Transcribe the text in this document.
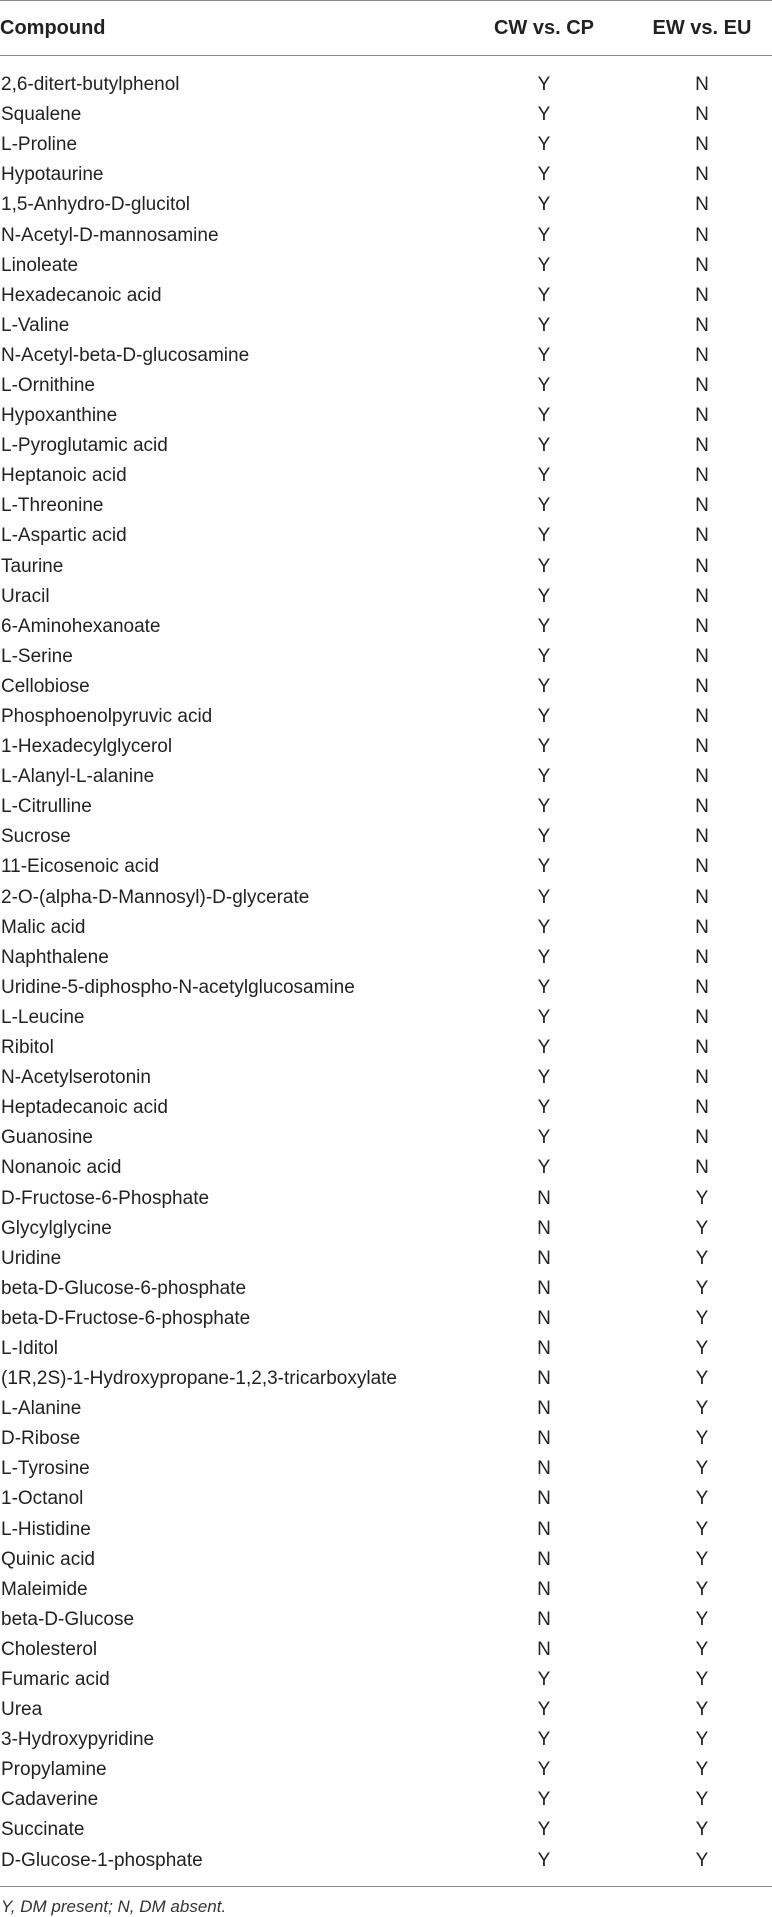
Compound	CW vs. CP	EW vs. EU
2,6-ditert-butylphenol	Y	N
Squalene	Y	N
L-Proline	Y	N
Hypotaurine	Y	N
1,5-Anhydro-D-glucitol	Y	N
N-Acetyl-D-mannosamine	Y	N
Linoleate	Y	N
Hexadecanoic acid	Y	N
L-Valine	Y	N
N-Acetyl-beta-D-glucosamine	Y	N
L-Ornithine	Y	N
Hypoxanthine	Y	N
L-Pyroglutamic acid	Y	N
Heptanoic acid	Y	N
L-Threonine	Y	N
L-Aspartic acid	Y	N
Taurine	Y	N
Uracil	Y	N
6-Aminohexanoate	Y	N
L-Serine	Y	N
Cellobiose	Y	N
Phosphoenolpyruvic acid	Y	N
1-Hexadecylglycerol	Y	N
L-Alanyl-L-alanine	Y	N
L-Citrulline	Y	N
Sucrose	Y	N
11-Eicosenoic acid	Y	N
2-O-(alpha-D-Mannosyl)-D-glycerate	Y	N
Malic acid	Y	N
Naphthalene	Y	N
Uridine-5-diphospho-N-acetylglucosamine	Y	N
L-Leucine	Y	N
Ribitol	Y	N
N-Acetylserotonin	Y	N
Heptadecanoic acid	Y	N
Guanosine	Y	N
Nonanoic acid	Y	N
D-Fructose-6-Phosphate	N	Y
Glycylglycine	N	Y
Uridine	N	Y
beta-D-Glucose-6-phosphate	N	Y
beta-D-Fructose-6-phosphate	N	Y
L-Iditol	N	Y
(1R,2S)-1-Hydroxypropane-1,2,3-tricarboxylate	N	Y
L-Alanine	N	Y
D-Ribose	N	Y
L-Tyrosine	N	Y
1-Octanol	N	Y
L-Histidine	N	Y
Quinic acid	N	Y
Maleimide	N	Y
beta-D-Glucose	N	Y
Cholesterol	N	Y
Fumaric acid	Y	Y
Urea	Y	Y
3-Hydroxypyridine	Y	Y
Propylamine	Y	Y
Cadaverine	Y	Y
Succinate	Y	Y
D-Glucose-1-phosphate	Y	Y
Y, DM present; N, DM absent.
